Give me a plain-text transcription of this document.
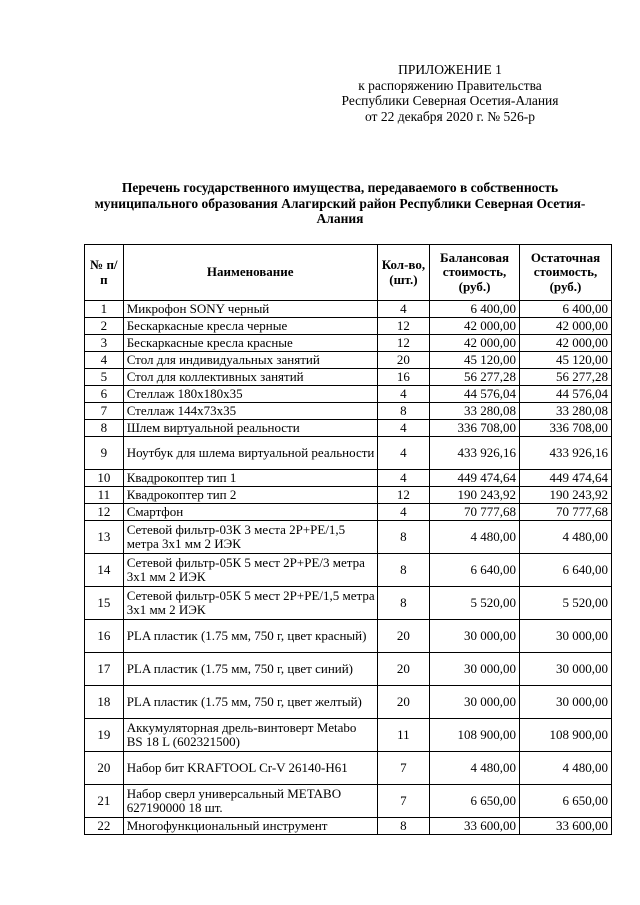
ПРИЛОЖЕНИЕ 1
к распоряжению Правительства
Республики Северная Осетия-Алания
от 22 декабря 2020 г. № 526-р
Перечень государственного имущества, передаваемого в собственность муниципального образования Алагирский район Республики Северная Осетия-Алания
№ п/п	Наименование	Кол-во, (шт.)	Балансовая стоимость, (руб.)	Остаточная стоимость, (руб.)
1	Микрофон SONY черный	4	6 400,00	6 400,00
2	Бескаркасные кресла черные	12	42 000,00	42 000,00
3	Бескаркасные кресла красные	12	42 000,00	42 000,00
4	Стол для индивидуальных занятий	20	45 120,00	45 120,00
5	Стол для коллективных занятий	16	56 277,28	56 277,28
6	Стеллаж 180х180х35	4	44 576,04	44 576,04
7	Стеллаж 144х73х35	8	33 280,08	33 280,08
8	Шлем виртуальной реальности	4	336 708,00	336 708,00
9	Ноутбук для шлема виртуальной реальности	4	433 926,16	433 926,16
10	Квадрокоптер тип 1	4	449 474,64	449 474,64
11	Квадрокоптер тип 2	12	190 243,92	190 243,92
12	Смартфон	4	70 777,68	70 777,68
13	Сетевой фильтр-03К 3 места 2Р+РЕ/1,5 метра 3х1 мм 2 ИЭК	8	4 480,00	4 480,00
14	Сетевой фильтр-05К 5 мест 2Р+РЕ/3 метра 3х1 мм 2 ИЭК	8	6 640,00	6 640,00
15	Сетевой фильтр-05К 5 мест 2Р+РЕ/1,5 метра 3х1 мм 2 ИЭК	8	5 520,00	5 520,00
16	PLA пластик (1.75 мм, 750 г, цвет красный)	20	30 000,00	30 000,00
17	PLA пластик (1.75 мм, 750 г, цвет синий)	20	30 000,00	30 000,00
18	PLA пластик (1.75 мм, 750 г, цвет желтый)	20	30 000,00	30 000,00
19	Аккумуляторная дрель-винтоверт Metabo BS 18 L (602321500)	11	108 900,00	108 900,00
20	Набор бит KRAFTOOL Cr-V 26140-H61	7	4 480,00	4 480,00
21	Набор сверл универсальный METABO 627190000 18 шт.	7	6 650,00	6 650,00
22	Многофункциональный инструмент	8	33 600,00	33 600,00
